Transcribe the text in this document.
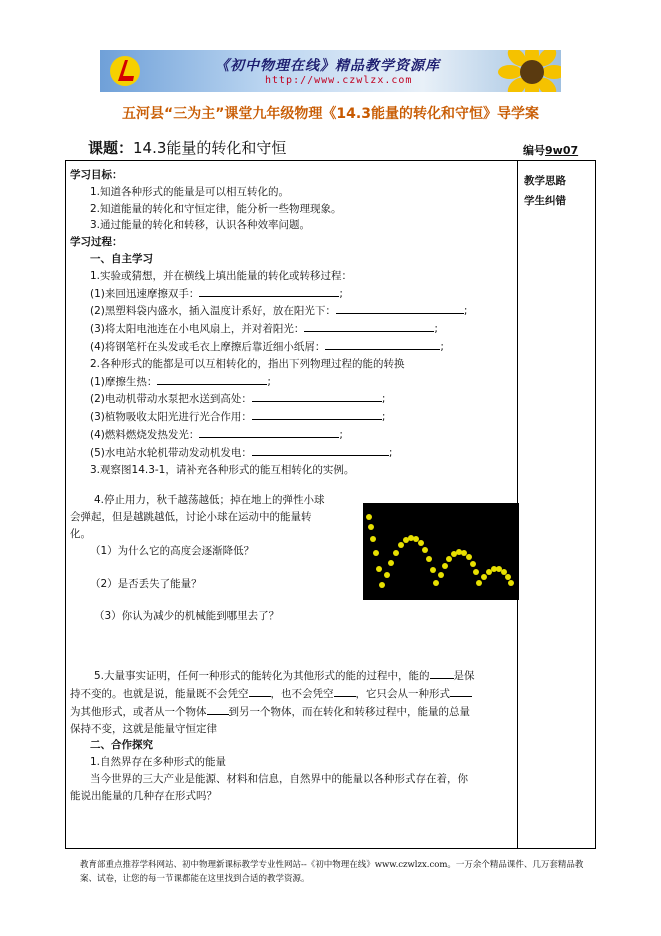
《初中物理在线》精品教学资源库
http://www.czwlzx.com
五河县“三为主”课堂九年级物理《14.3能量的转化和守恒》导学案
课题：14.3能量的转化和守恒	编号9w07
教学思路
学生纠错

学习目标：

1.知道各种形式的能量是可以相互转化的。

2.知道能量的转化和守恒定律，能分析一些物理现象。

3.通过能量的转化和转移，认识各种效率问题。

学习过程：

一、自主学习

1.实验或猜想，并在横线上填出能量的转化或转移过程：

(1)来回迅速摩擦双手：	;

(2)黑塑料袋内盛水，插入温度计系好，放在阳光下：	;

(3)将太阳电池连在小电风扇上，并对着阳光：	;

(4)将钢笔杆在头发或毛衣上摩擦后靠近细小纸屑：	;

2.各种形式的能都是可以互相转化的，指出下列物理过程的能的转换

(1)摩擦生热：	;

(2)电动机带动水泵把水送到高处：	;

(3)植物吸收太阳光进行光合作用：	;

(4)燃料燃烧发热发光：	;

(5)水电站水轮机带动发动机发电：	;

3.观察图14.3-1，请补充各种形式的能互相转化的实例。

4.停止用力，秋千越荡越低；掉在地上的弹性小球

会弹起，但是越跳越低，讨论小球在运动中的能量转

化。

（1）为什么它的高度会逐渐降低？

（2）是否丢失了能量？

（3）你认为减少的机械能到哪里去了？

5.大量事实证明，任何一种形式的能转化为其他形式的能的过程中，能的 是保

持不变的。也就是说，能量既不会凭空 ，也不会凭空 ，它只会从一种形式

为其他形式，或者从一个物体 到另一个物体，而在转化和转移过程中，能量的总量

保持不变，这就是能量守恒定律

二、合作探究

1.自然界存在多种形式的能量

当今世界的三大产业是能源、材料和信息，自然界中的能量以各种形式存在着，你

能说出能量的几种存在形式吗？

教育部重点推荐学科网站、初中物理新课标教学专业性网站--《初中物理在线》www.czwlzx.com。一万余个精品课件、几万套精品教案、试卷，让您的每一节课都能在这里找到合适的教学资源。
